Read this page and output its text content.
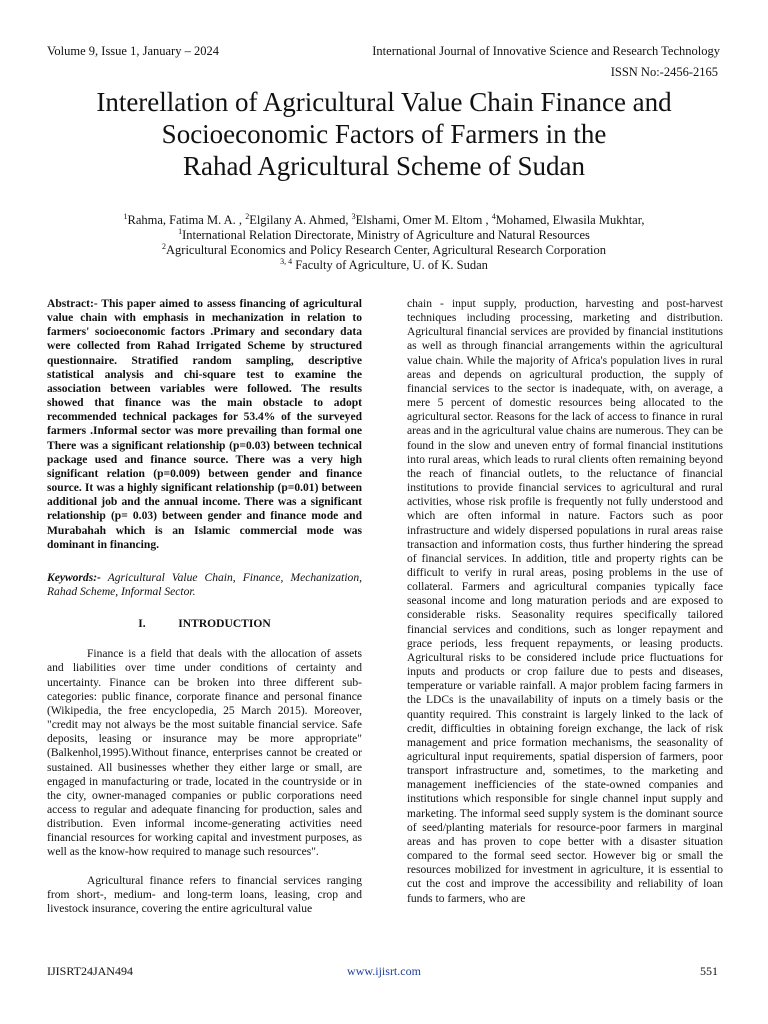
Volume 9, Issue 1, January – 2024	International Journal of Innovative Science and Research Technology
ISSN No:-2456-2165
Interellation of Agricultural Value Chain Finance and
Socioeconomic Factors of Farmers in the
Rahad Agricultural Scheme of Sudan
$^1$Rahma, Fatima M. A. , $^2$Elgilany A. Ahmed, $^3$Elshami, Omer M. Eltom , $^4$Mohamed, Elwasila Mukhtar,
$^1$International Relation Directorate, Ministry of Agriculture and Natural Resources
$^2$Agricultural Economics and Policy Research Center, Agricultural Research Corporation
$^{3, 4}$ Faculty of Agriculture, U. of K. Sudan

Abstract:- This paper aimed to assess financing of agricultural value chain with emphasis in mechanization in relation to farmers' socioeconomic factors .Primary and secondary data were collected from Rahad Irrigated Scheme by structured questionnaire. Stratified random sampling, descriptive statistical analysis and chi-square test to examine the association between variables were followed. The results showed that finance was the main obstacle to adopt recommended technical packages for 53.4% of the surveyed farmers .Informal sector was more prevailing than formal one There was a significant relationship (p=0.03) between technical package used and finance source. There was a very high significant relation (p=0.009) between gender and finance source. It was a highly significant relationship (p=0.01) between additional job and the annual income. There was a significant relationship (p= 0.03) between gender and finance mode and Murabahah which is an Islamic commercial mode was dominant in financing.

Keywords:- Agricultural Value Chain, Finance, Mechanization, Rahad Scheme, Informal Sector.

I.	INTRODUCTION

Finance is a field that deals with the allocation of assets and liabilities over time under conditions of certainty and uncertainty. Finance can be broken into three different sub-categories: public finance, corporate finance and personal finance (Wikipedia, the free encyclopedia, 25 March 2015). Moreover, "credit may not always be the most suitable financial service. Safe deposits, leasing or insurance may be more appropriate"(Balkenhol,1995).Without finance, enterprises cannot be created or sustained. All businesses whether they either large or small, are engaged in manufacturing or trade, located in the countryside or in the city, owner-managed companies or public corporations need access to regular and adequate financing for production, sales and distribution. Even informal income-generating activities need financial resources for working capital and investment purposes, as well as the know-how required to manage such resources".

Agricultural finance refers to financial services ranging from short-, medium- and long-term loans, leasing, crop and livestock insurance, covering the entire agricultural value

chain - input supply, production, harvesting and post-harvest techniques including processing, marketing and distribution. Agricultural financial services are provided by financial institutions as well as through financial arrangements within the agricultural value chain. While the majority of Africa's population lives in rural areas and depends on agricultural production, the supply of financial services to the sector is inadequate, with, on average, a mere 5 percent of domestic resources being allocated to the agricultural sector. Reasons for the lack of access to finance in rural areas and in the agricultural value chains are numerous. They can be found in the slow and uneven entry of formal financial institutions into rural areas, which leads to rural clients often remaining beyond the reach of financial outlets, to the reluctance of financial institutions to provide financial services to agricultural and rural activities, whose risk profile is frequently not fully understood and which are often informal in nature. Factors such as poor infrastructure and widely dispersed populations in rural areas raise transaction and information costs, thus further hindering the spread of financial services. In addition, title and property rights can be difficult to verify in rural areas, posing problems in the use of collateral. Farmers and agricultural companies typically face seasonal income and long maturation periods and are exposed to considerable risks. Seasonality requires specifically tailored financial services and conditions, such as longer repayment and grace periods, less frequent repayments, or leasing products. Agricultural risks to be considered include price fluctuations for inputs and products or crop failure due to pests and diseases, temperature or variable rainfall. A major problem facing farmers in the LDCs is the unavailability of inputs on a timely basis or the quantity required. This constraint is largely linked to the lack of credit, difficulties in obtaining foreign exchange, the lack of risk management and price formation mechanisms, the seasonality of agricultural input requirements, spatial dispersion of farmers, poor transport infrastructure and, sometimes, to the marketing and management inefficiencies of the state-owned companies and institutions which responsible for single channel input supply and marketing. The informal seed supply system is the dominant source of seed/planting materials for resource-poor farmers in marginal areas and has proven to cope better with a disaster situation compared to the formal seed sector. However big or small the resources mobilized for investment in agriculture, it is essential to cut the cost and improve the accessibility and reliability of loan funds to farmers, who are

IJISRT24JAN494	www.ijisrt.com	551
